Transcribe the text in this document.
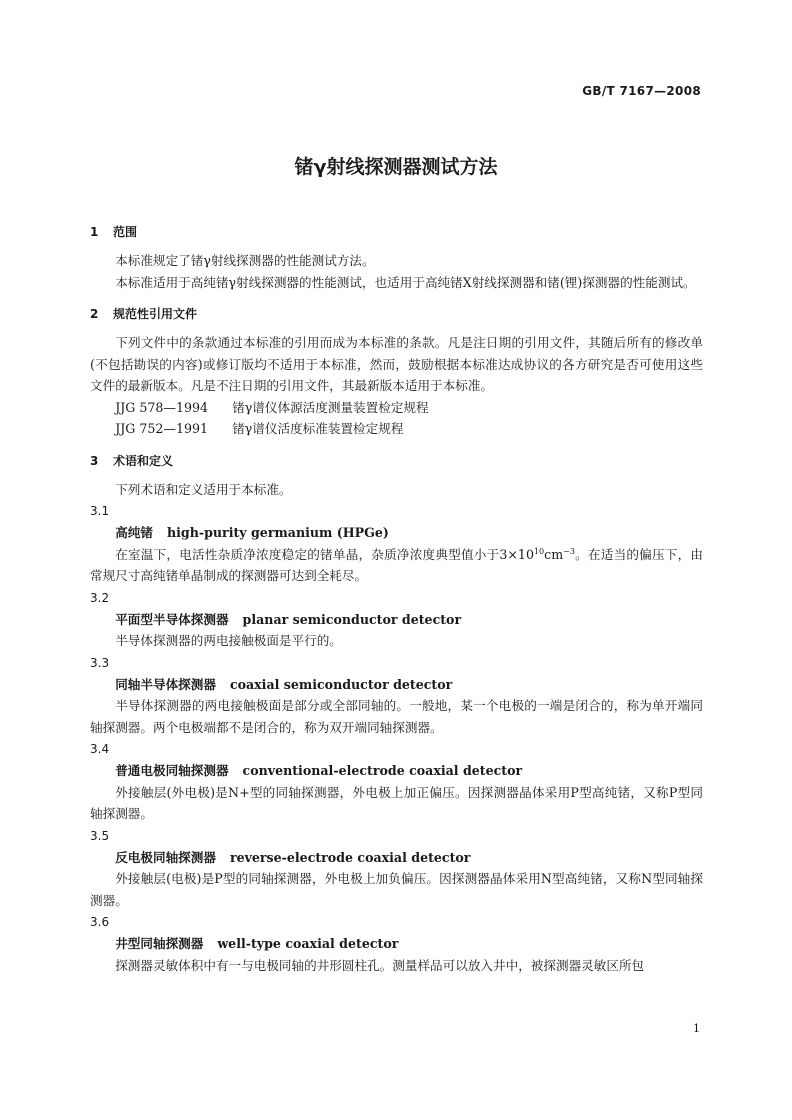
GB/T 7167—2008
锗γ射线探测器测试方法

1 范围

本标准规定了锗γ射线探测器的性能测试方法。

本标准适用于高纯锗γ射线探测器的性能测试，也适用于高纯锗X射线探测器和锗(锂)探测器的性能测试。

2 规范性引用文件

下列文件中的条款通过本标准的引用而成为本标准的条款。凡是注日期的引用文件，其随后所有的修改单(不包括勘误的内容)或修订版均不适用于本标准，然而，鼓励根据本标准达成协议的各方研究是否可使用这些文件的最新版本。凡是不注日期的引用文件，其最新版本适用于本标准。

JJG 578—1994 锗γ谱仪体源活度测量装置检定规程

JJG 752—1991 锗γ谱仪活度标准装置检定规程

3 术语和定义

下列术语和定义适用于本标准。

3.1

高纯锗 high-purity germanium (HPGe)

在室温下，电活性杂质净浓度稳定的锗单晶，杂质净浓度典型值小于$3\times 10^{10}cm^{-3}$。在适当的偏压下，由常规尺寸高纯锗单晶制成的探测器可达到全耗尽。

3.2

平面型半导体探测器 planar semiconductor detector

半导体探测器的两电接触极面是平行的。

3.3

同轴半导体探测器 coaxial semiconductor detector

半导体探测器的两电接触极面是部分或全部同轴的。一般地，某一个电极的一端是闭合的，称为单开端同轴探测器。两个电极端都不是闭合的，称为双开端同轴探测器。

3.4

普通电极同轴探测器 conventional-electrode coaxial detector

外接触层(外电极)是N+型的同轴探测器，外电极上加正偏压。因探测器晶体采用P型高纯锗，又称P型同轴探测器。

3.5

反电极同轴探测器 reverse-electrode coaxial detector

外接触层(电极)是P型的同轴探测器，外电极上加负偏压。因探测器晶体采用N型高纯锗，又称N型同轴探测器。

3.6

井型同轴探测器 well-type coaxial detector

探测器灵敏体积中有一与电极同轴的井形圆柱孔。测量样品可以放入井中，被探测器灵敏区所包

1
